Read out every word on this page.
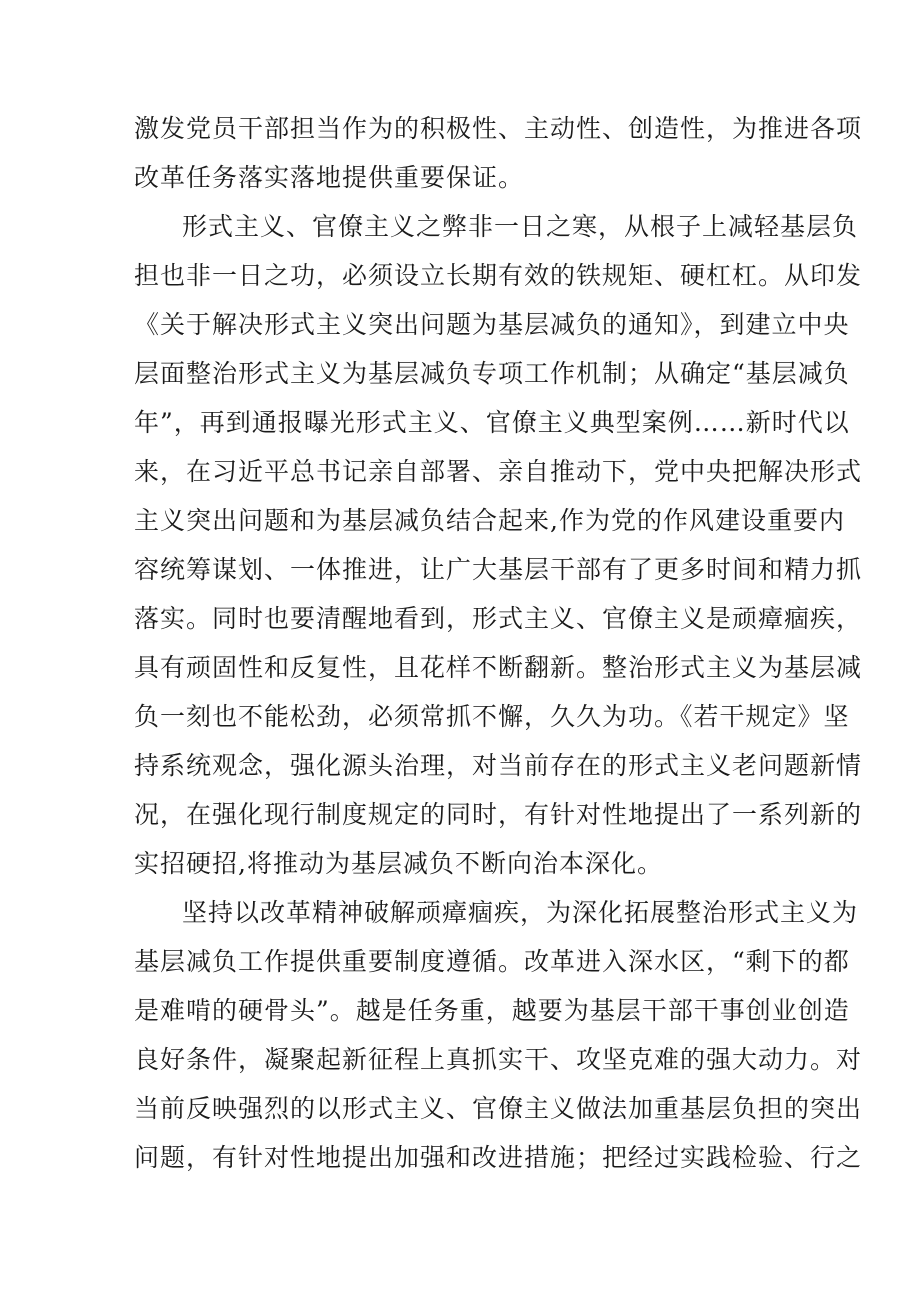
激发党员干部担当作为的积极性、主动性、创造性，为推进各项
改革任务落实落地提供重要保证。
形式主义、官僚主义之弊非一日之寒，从根子上减轻基层负
担也非一日之功，必须设立长期有效的铁规矩、硬杠杠。从印发
《关于解决形式主义突出问题为基层减负的通知》，到建立中央
层面整治形式主义为基层减负专项工作机制；从确定“基层减负
年”，再到通报曝光形式主义、官僚主义典型案例……新时代以
来，在习近平总书记亲自部署、亲自推动下，党中央把解决形式
主义突出问题和为基层减负结合起来,作为党的作风建设重要内
容统筹谋划、一体推进，让广大基层干部有了更多时间和精力抓
落实。同时也要清醒地看到，形式主义、官僚主义是顽瘴痼疾，
具有顽固性和反复性，且花样不断翻新。整治形式主义为基层减
负一刻也不能松劲，必须常抓不懈，久久为功。《若干规定》坚
持系统观念，强化源头治理，对当前存在的形式主义老问题新情
况，在强化现行制度规定的同时，有针对性地提出了一系列新的
实招硬招,将推动为基层减负不断向治本深化。
坚持以改革精神破解顽瘴痼疾，为深化拓展整治形式主义为
基层减负工作提供重要制度遵循。改革进入深水区，“剩下的都
是难啃的硬骨头”。越是任务重，越要为基层干部干事创业创造
良好条件，凝聚起新征程上真抓实干、攻坚克难的强大动力。对
当前反映强烈的以形式主义、官僚主义做法加重基层负担的突出
问题，有针对性地提出加强和改进措施；把经过实践检验、行之
